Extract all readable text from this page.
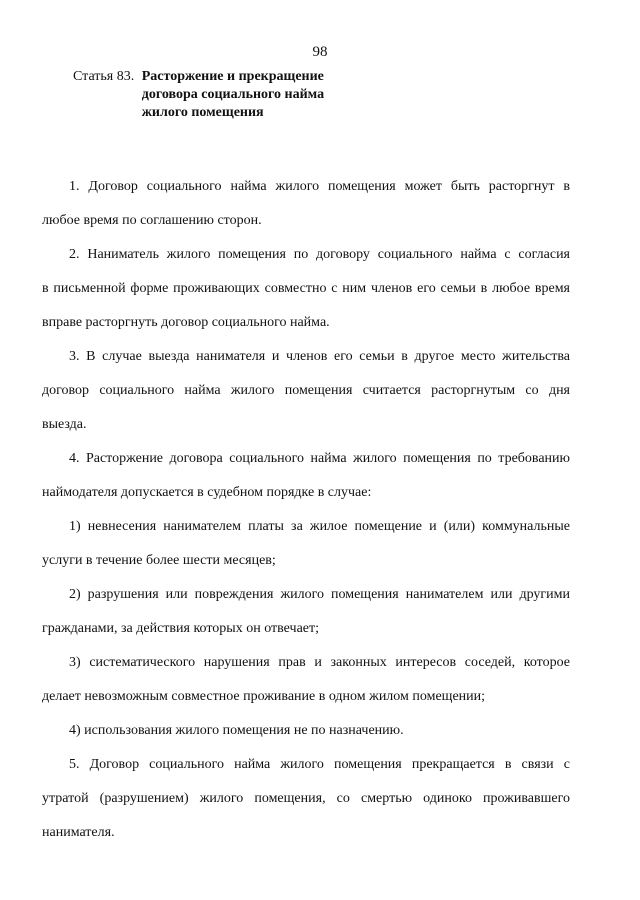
98
Статья 83. Расторжение и прекращение
договора социального найма
жилого помещения
1. Договор социального найма жилого помещения может быть расторгнут в
любое время по соглашению сторон.
2. Наниматель жилого помещения по договору социального найма с согласия
в письменной форме проживающих совместно с ним членов его семьи в любое время
вправе расторгнуть договор социального найма.
3. В случае выезда нанимателя и членов его семьи в другое место жительства
договор социального найма жилого помещения считается расторгнутым со дня
выезда.
4. Расторжение договора социального найма жилого помещения по требованию
наймодателя допускается в судебном порядке в случае:
1) невнесения нанимателем платы за жилое помещение и (или) коммунальные
услуги в течение более шести месяцев;
2) разрушения или повреждения жилого помещения нанимателем или другими
гражданами, за действия которых он отвечает;
3) систематического нарушения прав и законных интересов соседей, которое
делает невозможным совместное проживание в одном жилом помещении;
4) использования жилого помещения не по назначению.
5. Договор социального найма жилого помещения прекращается в связи с
утратой (разрушением) жилого помещения, со смертью одиноко проживавшего
нанимателя.
